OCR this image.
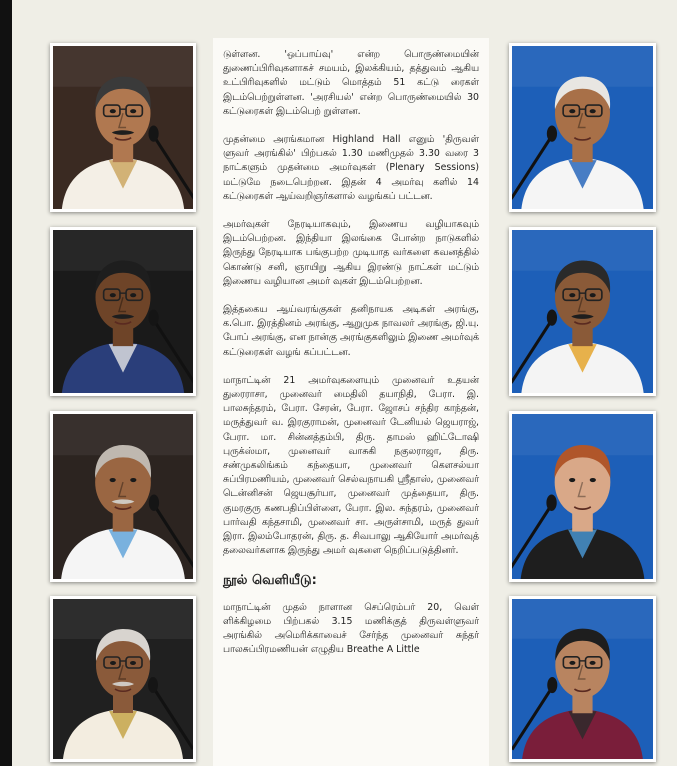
டுள்ளன. 'ஒப்பாய்வு' என்ற பொருண்மையின் துணைப்பிரிவுகளாகச் சமயம், இலக்கியம், தத்துவம் ஆகிய உட்பிரிவுகளில் மட்டும் மொத்தம் 51 கட்டு ரைகள் இடம்பெற்றுள்ளன. 'அரசியல்' என்ற பொருண்மையில் 30 கட்டுரைகள் இடம்பெற் றுள்ளன.

முதன்மை அரங்கமான Highland Hall எனும் 'திருவள் ளுவர் அரங்கில்' பிற்பகல் 1.30 மணிமுதல் 3.30 வரை 3 நாட்களும் முதன்மை அமர்வுகள் (Plenary Sessions) மட்டுமே நடைபெற்றன. இதன் 4 அமர்வு களில் 14 கட்டுரைகள் ஆய்வறிஞர்களால் வழங்கப் பட்டன.

அமர்வுகள் நேரடியாகவும், இணைய வழியாகவும் இடம்பெற்றன. இந்தியா இலங்கை போன்ற நாடுகளில் இருந்து நேரடியாக பங்குபற்ற முடியாத வர்களை கவனத்தில் கொண்டு சனி, ஞாயிறு ஆகிய இரண்டு நாட்கள் மட்டும் இணைய வழியான அமர் வுகள் இடம்பெற்றன.

இத்தகைய ஆய்வரங்குகள் தனிநாயக அடிகள் அரங்கு, க.பொ. இரத்தினம் அரங்கு, ஆறுமுக நாவலர் அரங்கு, ஜி.யு. போப் அரங்கு, என நான்கு அரங்குகளிலும் இணை அமர்வுக் கட்டுரைகள் வழங் கப்பட்டன.

மாநாட்டின் 21 அமர்வுகளையும் முனைவர் உதயன் துரைராசா, முனைவர் மைதிலி தயாநிதி, பேரா. இ. பாலசுந்தரம், பேரா. சேரன், பேரா. ஜோசப் சந்திர காந்தன், மருத்துவர் வ. இரகுராமன், முனைவர் டேனியல் ஜெயராஜ், பேரா. மா. சின்னத்தம்பி, திரு. தாமஸ் ஹிட்டோஷி புருக்ஸ்மா, முனைவர் வாசுகி நகுலராஜா, திரு. சண்முகலிங்கம் கந்தையா, முனைவர் கௌசல்யா சுப்பிரமணியம், முனைவர் செல்வநாயகி ஸ்ரீதாஸ், முனைவர் டென்னிசன் ஜெயசூர்யா, முனைவர் முத்தையா, திரு. குமரகுரு கணபதிப்பிள்ளை, பேரா. இல. சுந்தரம், முனைவர் பார்வதி கந்தசாமி, முனைவர் சா. அருள்சாமி, மருத் துவர் இரா. இலம்போதரன், திரு. த. சிவபாலு ஆகியோர் அமர்வுத் தலைவர்களாக இருந்து அமர் வுகளை நெறிப்படுத்தினர்.

நூல் வெளியீடு:

மாநாட்டின் முதல் நாளான செப்ரெம்பர் 20, வெள் ளிக்கிழமை பிற்பகல் 3.15 மணிக்குத் திருவள்ளுவர் அரங்கில் அமெரிக்காவைச் சேர்ந்த முனைவர் சுந்தர் பாலசுப்பிரமணியன் எழுதிய Breathe A Little
